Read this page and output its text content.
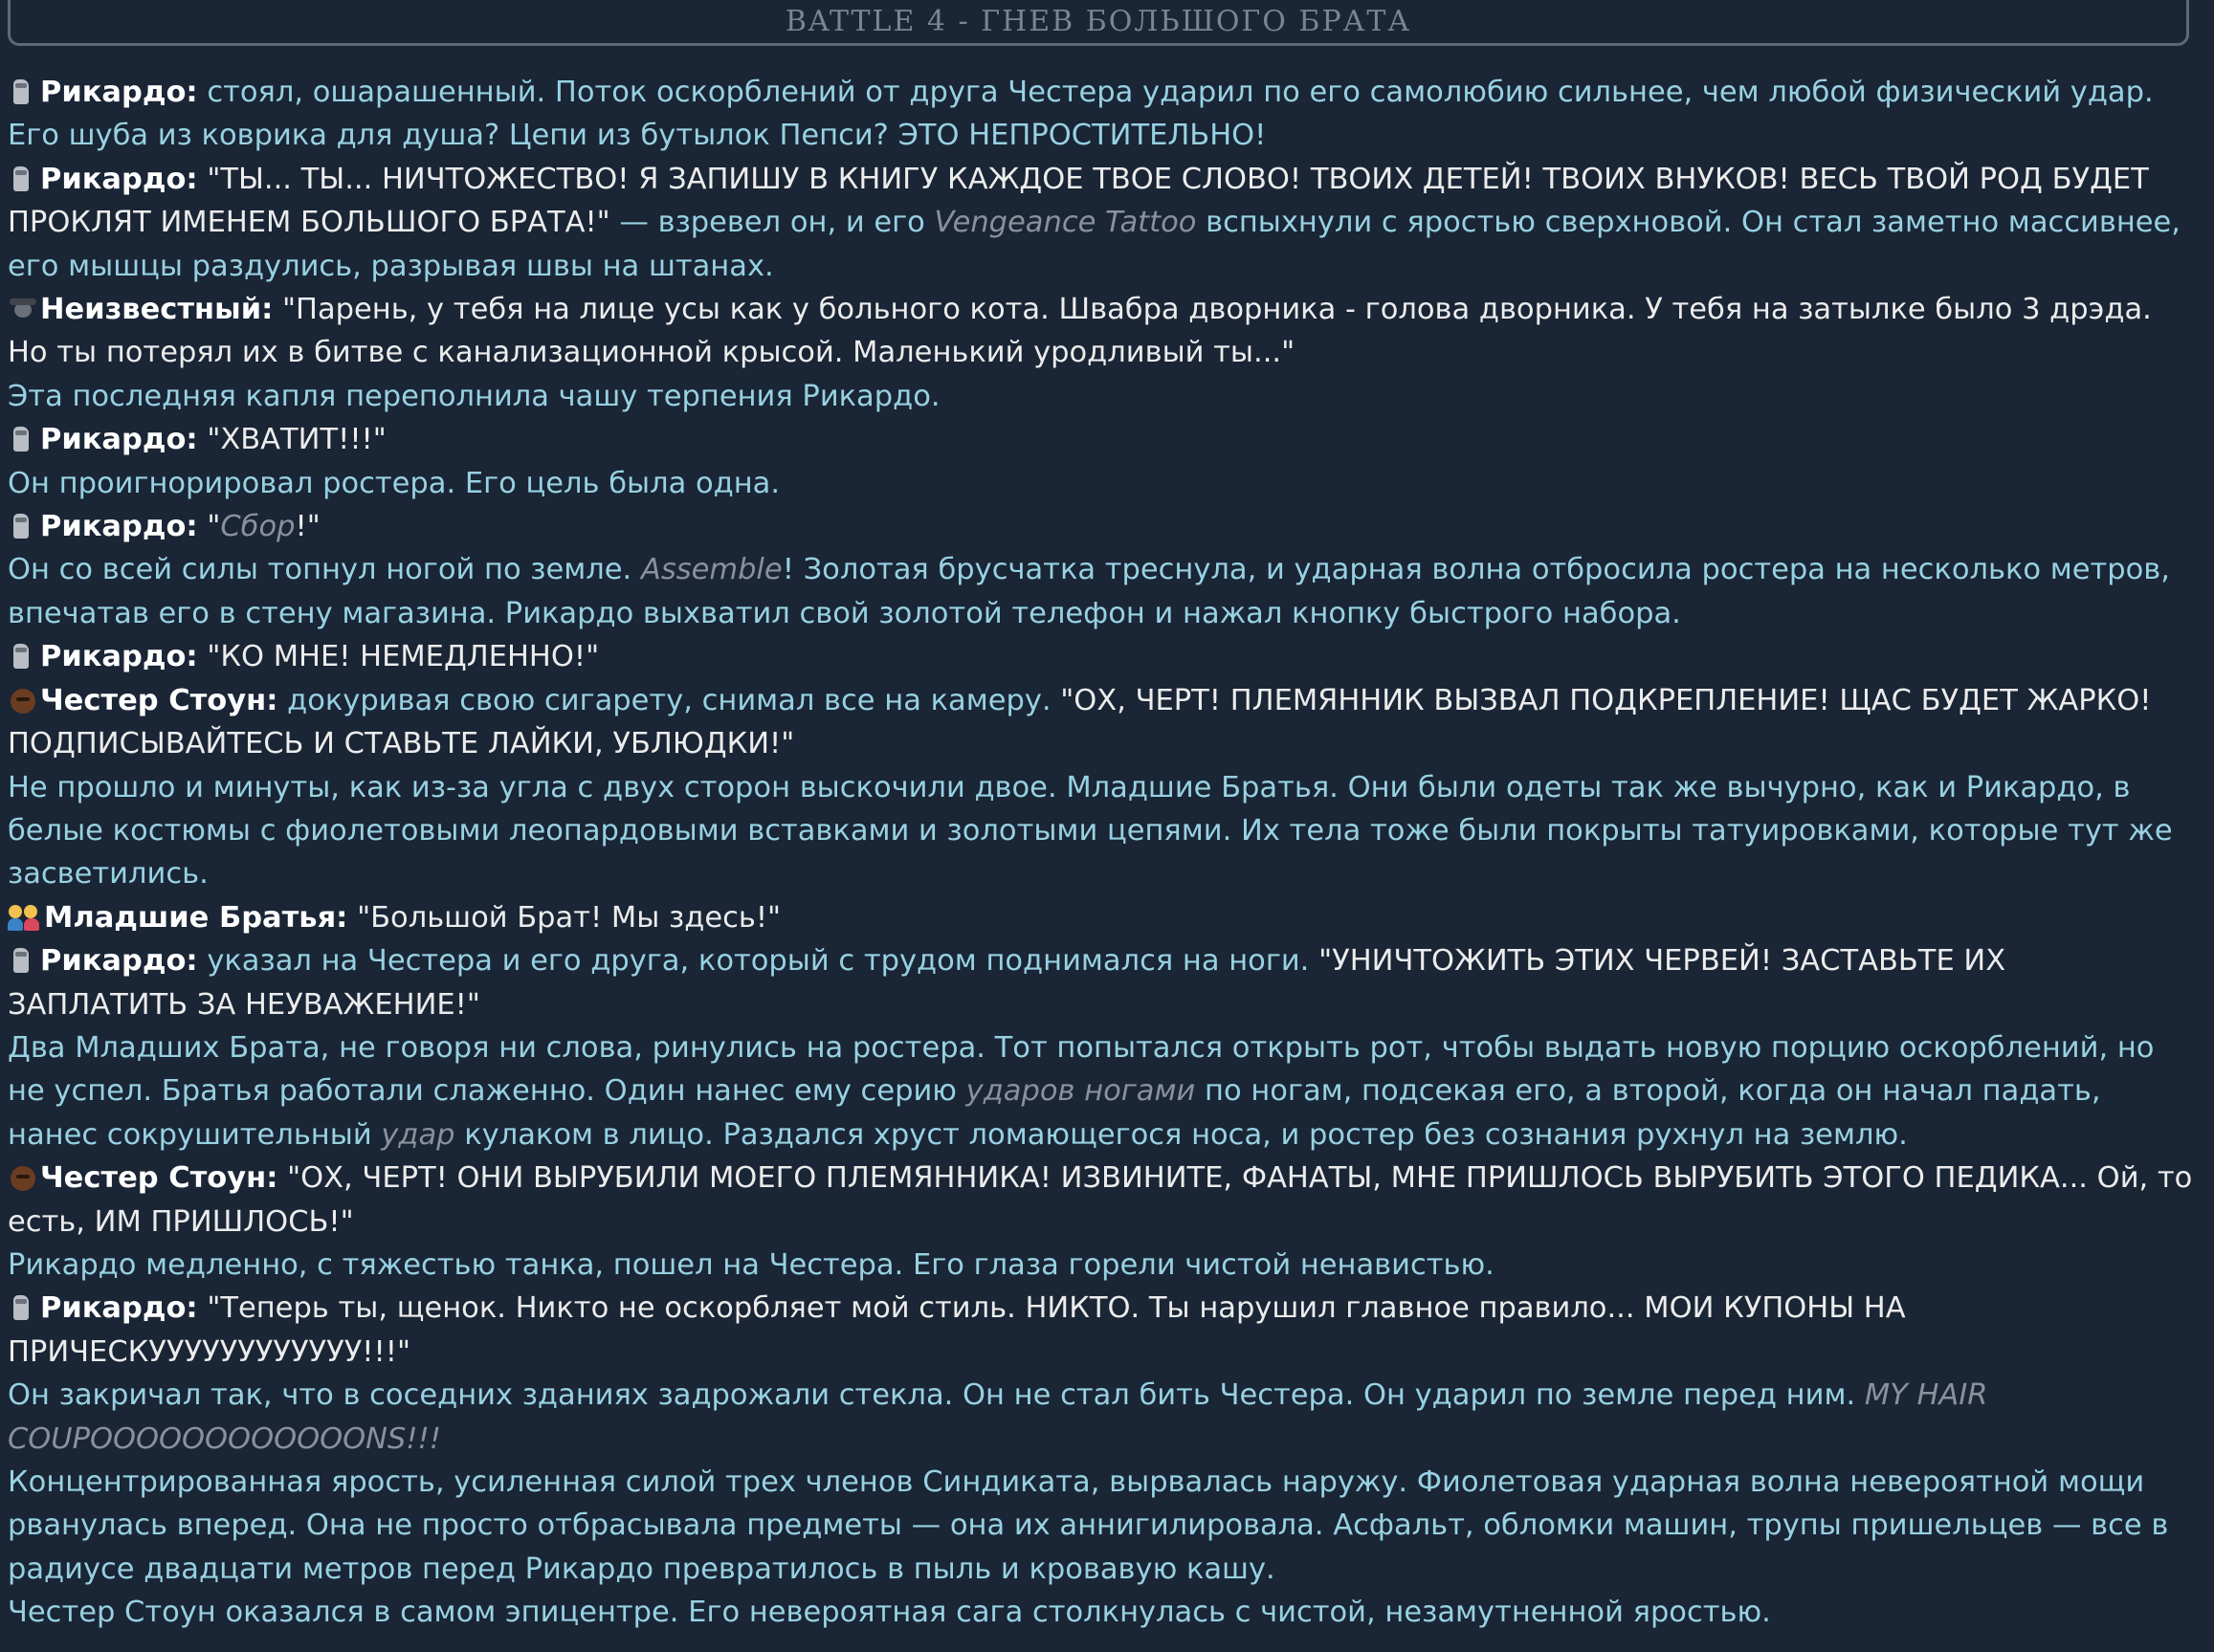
BATTLE 4 - ГНЕВ БОЛЬШОГО БРАТА

Рикардо: стоял, ошарашенный. Поток оскорблений от друга Честера ударил по его самолюбию сильнее, чем любой физический удар. Его шуба из коврика для душа? Цепи из бутылок Пепси? ЭТО НЕПРОСТИТЕЛЬНО!

Рикардо: "ТЫ... ТЫ... НИЧТОЖЕСТВО! Я ЗАПИШУ В КНИГУ КАЖДОЕ ТВОЕ СЛОВО! ТВОИХ ДЕТЕЙ! ТВОИХ ВНУКОВ! ВЕСЬ ТВОЙ РОД БУДЕТ ПРОКЛЯТ ИМЕНЕМ БОЛЬШОГО БРАТА!" — взревел он, и его Vengeance Tattoo вспыхнули с яростью сверхновой. Он стал заметно массивнее, его мышцы раздулись, разрывая швы на штанах.

Неизвестный: "Парень, у тебя на лице усы как у больного кота. Швабра дворника - голова дворника. У тебя на затылке было 3 дрэда. Но ты потерял их в битве с канализационной крысой. Маленький уродливый ты..."

Эта последняя капля переполнила чашу терпения Рикардо.

Рикардо: "ХВАТИТ!!!"

Он проигнорировал ростера. Его цель была одна.

Рикардо: "Сбор!"

Он со всей силы топнул ногой по земле. Assemble! Золотая брусчатка треснула, и ударная волна отбросила ростера на несколько метров, впечатав его в стену магазина. Рикардо выхватил свой золотой телефон и нажал кнопку быстрого набора.

Рикардо: "КО МНЕ! НЕМЕДЛЕННО!"

Честер Стоун: докуривая свою сигарету, снимал все на камеру. "ОХ, ЧЕРТ! ПЛЕМЯННИК ВЫЗВАЛ ПОДКРЕПЛЕНИЕ! ЩАС БУДЕТ ЖАРКО! ПОДПИСЫВАЙТЕСЬ И СТАВЬТЕ ЛАЙКИ, УБЛЮДКИ!"

Не прошло и минуты, как из-за угла с двух сторон выскочили двое. Младшие Братья. Они были одеты так же вычурно, как и Рикардо, в белые костюмы с фиолетовыми леопардовыми вставками и золотыми цепями. Их тела тоже были покрыты татуировками, которые тут же засветились.

Младшие Братья: "Большой Брат! Мы здесь!"

Рикардо: указал на Честера и его друга, который с трудом поднимался на ноги. "УНИЧТОЖИТЬ ЭТИХ ЧЕРВЕЙ! ЗАСТАВЬТЕ ИХ ЗАПЛАТИТЬ ЗА НЕУВАЖЕНИЕ!"

Два Младших Брата, не говоря ни слова, ринулись на ростера. Тот попытался открыть рот, чтобы выдать новую порцию оскорблений, но не успел. Братья работали слаженно. Один нанес ему серию ударов ногами по ногам, подсекая его, а второй, когда он начал падать, нанес сокрушительный удар кулаком в лицо. Раздался хруст ломающегося носа, и ростер без сознания рухнул на землю.

Честер Стоун: "ОХ, ЧЕРТ! ОНИ ВЫРУБИЛИ МОЕГО ПЛЕМЯННИКА! ИЗВИНИТЕ, ФАНАТЫ, МНЕ ПРИШЛОСЬ ВЫРУБИТЬ ЭТОГО ПЕДИКА... Ой, то есть, ИМ ПРИШЛОСЬ!"

Рикардо медленно, с тяжестью танка, пошел на Честера. Его глаза горели чистой ненавистью.

Рикардо: "Теперь ты, щенок. Никто не оскорбляет мой стиль. НИКТО. Ты нарушил главное правило... МОИ КУПОНЫ НА ПРИЧЕСКУУУУУУУУУУУУ!!!"

Он закричал так, что в соседних зданиях задрожали стекла. Он не стал бить Честера. Он ударил по земле перед ним. MY HAIR COUPOOOOOOOOOOOONS!!!

Концентрированная ярость, усиленная силой трех членов Синдиката, вырвалась наружу. Фиолетовая ударная волна невероятной мощи рванулась вперед. Она не просто отбрасывала предметы — она их аннигилировала. Асфальт, обломки машин, трупы пришельцев — все в радиусе двадцати метров перед Рикардо превратилось в пыль и кровавую кашу.

Честер Стоун оказался в самом эпицентре. Его невероятная сага столкнулась с чистой, незамутненной яростью.
